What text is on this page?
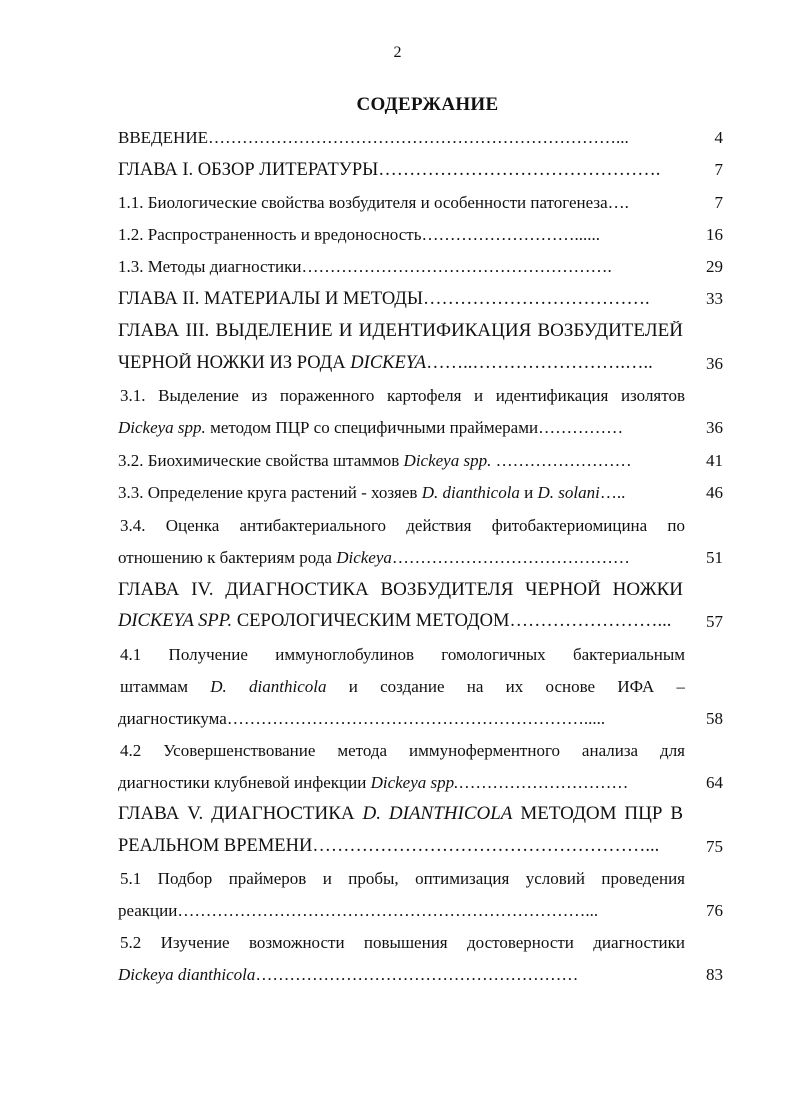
2
СОДЕРЖАНИЕ
ВВЕДЕНИЕ………………………………………………………………...	4
ГЛАВА I. ОБЗОР ЛИТЕРАТУРЫ……………………………………….	7
1.1. Биологические свойства возбудителя и особенности патогенеза….	7
1.2. Распространенность и вредоносность………………………......	16
1.3. Методы диагностики……………………………………………….	29
ГЛАВА II. МАТЕРИАЛЫ И МЕТОДЫ……………………………….	33
ГЛАВА III. ВЫДЕЛЕНИЕ И ИДЕНТИФИКАЦИЯ ВОЗБУДИТЕЛЕЙ
ЧЕРНОЙ НОЖКИ ИЗ РОДА DICKEYA……..…………………….…..	36
3.1. Выделение из пораженного картофеля и идентификация изолятов
Dickeya spp. методом ПЦР со специфичными праймерами……………	36
3.2. Биохимические свойства штаммов Dickeya spp. ……………………	41
3.3. Определение круга растений - хозяев D. dianthicola и D. solani…..	46
3.4. Оценка антибактериального действия фитобактериомицина по
отношению к бактериям рода Dickeya……………………………………	51
ГЛАВА IV. ДИАГНОСТИКА ВОЗБУДИТЕЛЯ ЧЕРНОЙ НОЖКИ
DICKEYA SPP. СЕРОЛОГИЧЕСКИМ МЕТОДОМ……………………...	57
4.1 Получение иммуноглобулинов гомологичных бактериальным
штаммам D. dianthicola и создание на их основе ИФА –
диагностикума……………………………………………………….....	58
4.2 Усовершенствование метода иммуноферментного анализа для
диагностики клубневой инфекции Dickeya spp.…………………………	64
ГЛАВА V. ДИАГНОСТИКА D. DIANTHICOLA МЕТОДОМ ПЦР В
РЕАЛЬНОМ ВРЕМЕНИ………………………………………………...	75
5.1 Подбор праймеров и пробы, оптимизация условий проведения
реакции………………………………………………………………...	76
5.2 Изучение возможности повышения достоверности диагностики
Dickeya dianthicola…………………………………………………	83
